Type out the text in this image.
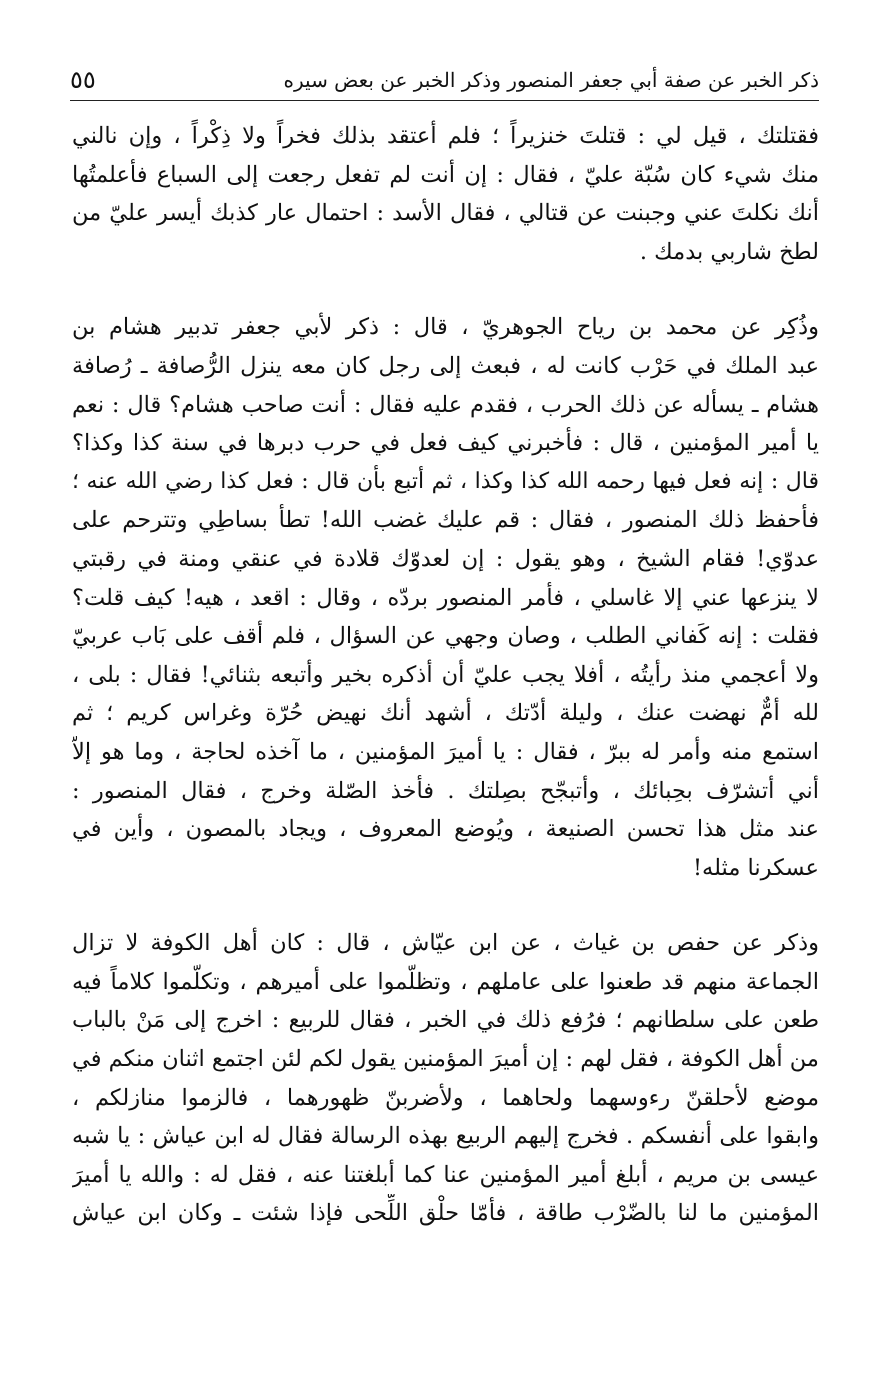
٥٥	ذكر الخبر عن صفة أبي جعفر المنصور وذكر الخبر عن بعض سيره
فقتلتك ، قيل لي : قتلتَ خنزيراً ؛ فلم أعتقد بذلك فخراً ولا ذِكْراً ، وإن نالني
منك شيء كان سُبّة عليّ ، فقال : إن أنت لم تفعل رجعت إلى السباع فأعلمتُها
أنك نكلتَ عني وجبنت عن قتالي ، فقال الأسد : احتمال عار كذبك أيسر عليّ من
لطخ شاربي بدمك .
وذُكِر عن محمد بن رياح الجوهريّ ، قال : ذكر لأبي جعفر تدبير هشام بن
عبد الملك في حَرْب كانت له ، فبعث إلى رجل كان معه ينزل الرُّصافة ـ رُصافة
هشام ـ يسأله عن ذلك الحرب ، فقدم عليه فقال : أنت صاحب هشام؟ قال : نعم
يا أمير المؤمنين ، قال : فأخبرني كيف فعل في حرب دبرها في سنة كذا وكذا؟
قال : إنه فعل فيها رحمه الله كذا وكذا ، ثم أتبع بأن قال : فعل كذا رضي الله عنه ؛
فأحفظ ذلك المنصور ، فقال : قم عليك غضب الله! تطأ بساطِي وتترحم على
عدوّي! فقام الشيخ ، وهو يقول : إن لعدوّك قلادة في عنقي ومنة في رقبتي
لا ينزعها عني إلا غاسلي ، فأمر المنصور بردّه ، وقال : اقعد ، هيه! كيف قلت؟
فقلت : إنه كَفاني الطلب ، وصان وجهي عن السؤال ، فلم أقف على بَاب عربيّ
ولا أعجمي منذ رأيتُه ، أفلا يجب عليّ أن أذكره بخير وأتبعه بثنائي! فقال : بلى ،
لله أمٌّ نهضت عنك ، وليلة أدّتك ، أشهد أنك نهيض حُرّة وغراس كريم ؛ ثم
استمع منه وأمر له ببرّ ، فقال : يا أميرَ المؤمنين ، ما آخذه لحاجة ، وما هو إلاّ
أني أتشرّف بحِبائك ، وأتبجّح بصِلتك . فأخذ الصّلة وخرج ، فقال المنصور :
عند مثل هذا تحسن الصنيعة ، ويُوضع المعروف ، ويجاد بالمصون ، وأين في
عسكرنا مثله!
وذكر عن حفص بن غياث ، عن ابن عيّاش ، قال : كان أهل الكوفة لا تزال
الجماعة منهم قد طعنوا على عاملهم ، وتظلّموا على أميرهم ، وتكلّموا كلاماً فيه
طعن على سلطانهم ؛ فرُفع ذلك في الخبر ، فقال للربيع : اخرج إلى مَنْ بالباب
من أهل الكوفة ، فقل لهم : إن أميرَ المؤمنين يقول لكم لئن اجتمع اثنان منكم في
موضع لأحلقنّ رءوسهما ولحاهما ، ولأضربنّ ظهورهما ، فالزموا منازلكم ،
وابقوا على أنفسكم . فخرج إليهم الربيع بهذه الرسالة فقال له ابن عياش : يا شبه
عيسى بن مريم ، أبلغ أمير المؤمنين عنا كما أبلغتنا عنه ، فقل له : والله يا أميرَ
المؤمنين ما لنا بالضّرْب طاقة ، فأمّا حلْق اللِّحى فإذا شئت ـ وكان ابن عياش
